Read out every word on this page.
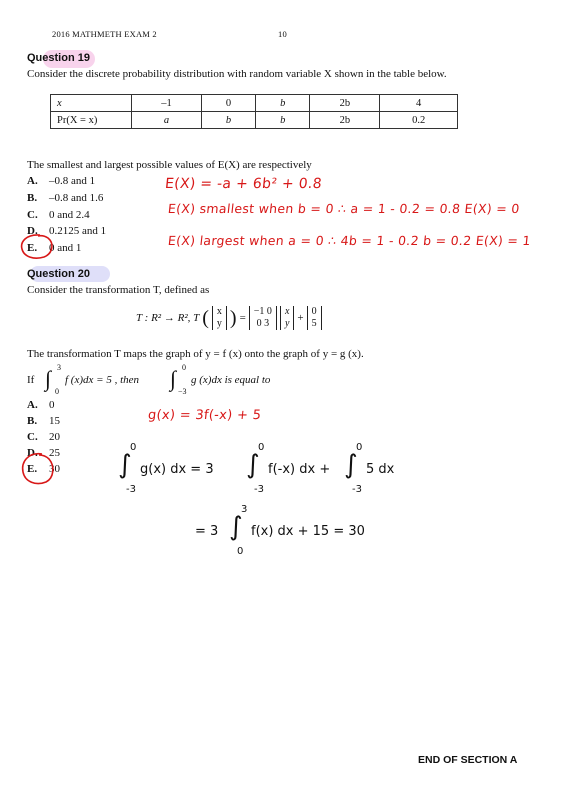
2016 MATHMETH EXAM 2	10
Question 19
Consider the discrete probability distribution with random variable X shown in the table below.
x	–1	0	b	2b	4
Pr(X = x)	a	b	b	2b	0.2
The smallest and largest possible values of E(X) are respectively
A. –0.8 and 1
B. –0.8 and 1.6
C. 0 and 2.4
D. 0.2125 and 1
E. 0 and 1
E(X) = -a + 6b² + 0.8
E(X) smallest when b = 0 ∴ a = 1 - 0.2 = 0.8 E(X) = 0
E(X) largest when a = 0 ∴ 4b = 1 - 0.2 b = 0.2 E(X) = 1
Question 20
Consider the transformation T, defined as
T : R² → R², T ( x
y ) =
−1 0
0 3
x
y +
0
5
The transformation T maps the graph of y = f (x) onto the graph of y = g (x).
If ∫ 3
0
f (x)dx = 5 , then ∫ 0
−3
g (x)dx is equal to
A. 0
B. 15
C. 20
D. 25
E. 30
g(x) = 3f(-x) + 5
∫
0
-3
g(x) dx = 3 ∫
0
-3
f(-x) dx + ∫
0
-3
5 dx
= 3 ∫
3
0
f(x) dx + 15 = 30
END OF SECTION A
